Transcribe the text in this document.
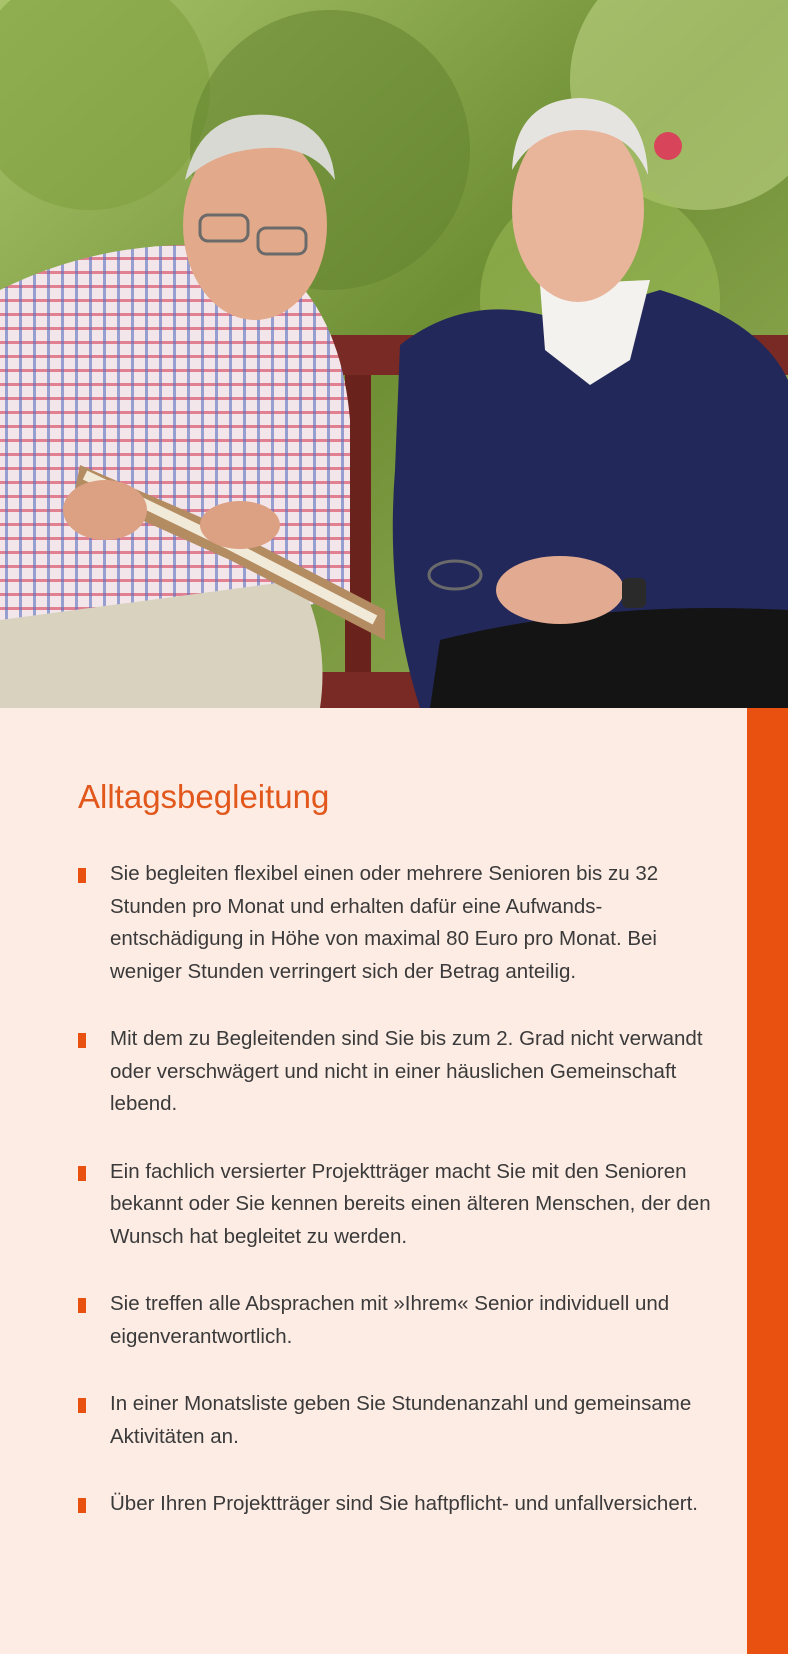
Alltagsbegleitung
Sie begleiten flexibel einen oder mehrere Senioren bis zu 32 Stunden pro Monat und erhalten dafür eine Aufwandsentschädigung in Höhe von maximal 80 Euro pro Monat. Bei weniger Stunden verringert sich der Betrag anteilig.
Mit dem zu Begleitenden sind Sie bis zum 2. Grad nicht verwandt oder verschwägert und nicht in einer häuslichen Gemeinschaft lebend.
Ein fachlich versierter Projektträger macht Sie mit den Senioren bekannt oder Sie kennen bereits einen älteren Menschen, der den Wunsch hat begleitet zu werden.
Sie treffen alle Absprachen mit »Ihrem« Senior individuell und eigenverantwortlich.
In einer Monatsliste geben Sie Stundenanzahl und gemeinsame Aktivitäten an.
Über Ihren Projektträger sind Sie haftpflicht- und unfallversichert.
